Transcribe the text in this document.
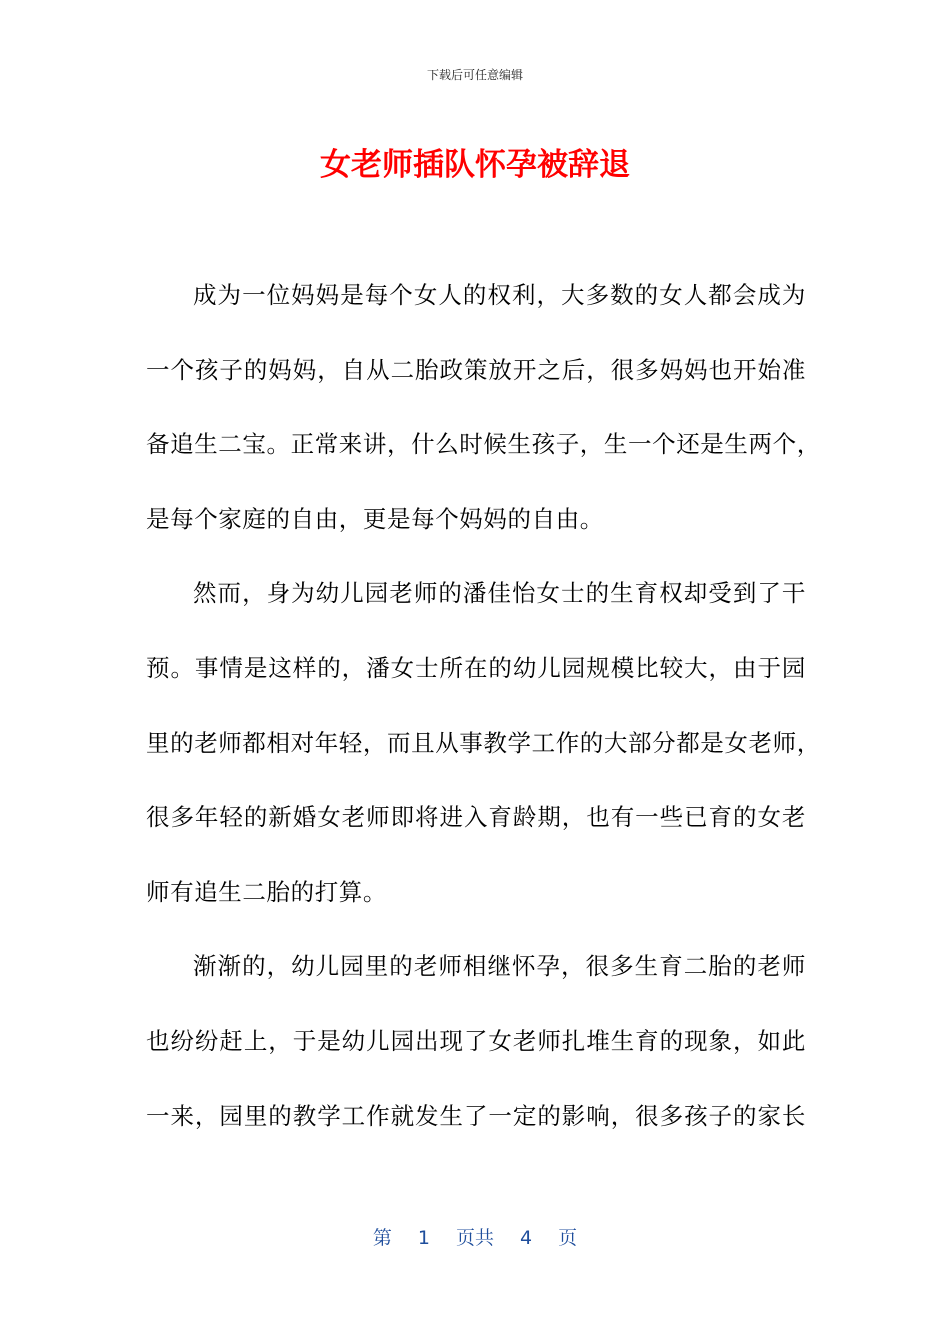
下载后可任意编辑
女老师插队怀孕被辞退
成为一位妈妈是每个女人的权利，大多数的女人都会成为
一个孩子的妈妈，自从二胎政策放开之后，很多妈妈也开始准
备追生二宝。正常来讲，什么时候生孩子，生一个还是生两个，
是每个家庭的自由，更是每个妈妈的自由。
然而，身为幼儿园老师的潘佳怡女士的生育权却受到了干
预。事情是这样的，潘女士所在的幼儿园规模比较大，由于园
里的老师都相对年轻，而且从事教学工作的大部分都是女老师，
很多年轻的新婚女老师即将进入育龄期，也有一些已育的女老
师有追生二胎的打算。
渐渐的，幼儿园里的老师相继怀孕，很多生育二胎的老师
也纷纷赶上，于是幼儿园出现了女老师扎堆生育的现象，如此
一来，园里的教学工作就发生了一定的影响，很多孩子的家长
第 1 页共 4 页
